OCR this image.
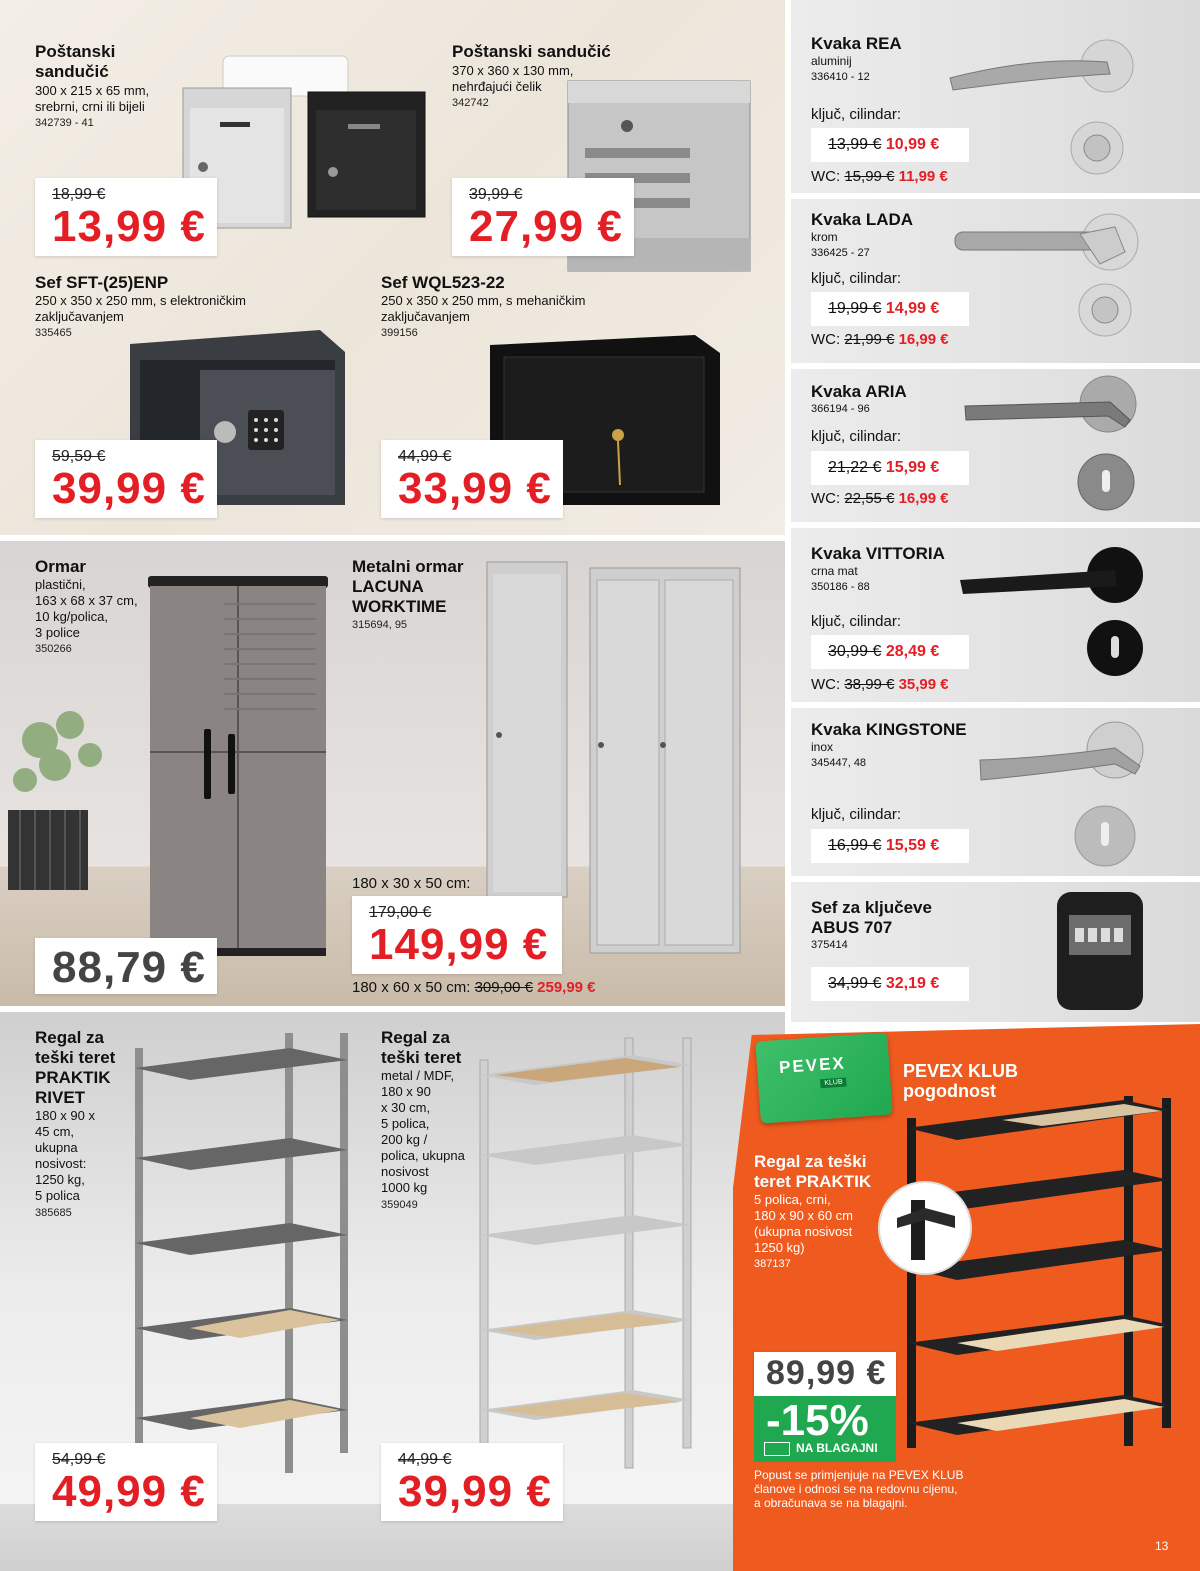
Poštanski
sandučić
300 x 215 x 65 mm,
srebrni, crni ili bijeli
342739 - 41
18,99 €
13,99 €
Poštanski sandučić
370 x 360 x 130 mm,
nehrđajući čelik
342742
39,99 €
27,99 €
Sef SFT-(25)ENP
250 x 350 x 250 mm, s elektroničkim
zaključavanjem
335465
59,59 €
39,99 €
Sef WQL523-22
250 x 350 x 250 mm, s mehaničkim
zaključavanjem
399156
44,99 €
33,99 €
Ormar
plastični,
163 x 68 x 37 cm,
10 kg/polica,
3 police
350266
88,79 €
Metalni ormar
LACUNA
WORKTIME
315694, 95
180 x 30 x 50 cm:
179,00 €
149,99 €
180 x 60 x 50 cm: 309,00 € 259,99 €
Regal za
teški teret
PRAKTIK
RIVET
180 x 90 x
45 cm,
ukupna
nosivost:
1250 kg,
5 polica
385685
54,99 €
49,99 €
Regal za
teški teret
metal / MDF,
180 x 90
x 30 cm,
5 polica,
200 kg /
polica, ukupna
nosivost
1000 kg
359049
44,99 €
39,99 €
Kvaka REA
aluminij
336410 - 12
ključ, cilindar:
13,99 € 10,99 €
WC: 15,99 € 11,99 €
Kvaka LADA
krom
336425 - 27
ključ, cilindar:
19,99 € 14,99 €
WC: 21,99 € 16,99 €
Kvaka ARIA
366194 - 96
ključ, cilindar:
21,22 € 15,99 €
WC: 22,55 € 16,99 €
Kvaka VITTORIA
crna mat
350186 - 88
ključ, cilindar:
30,99 € 28,49 €
WC: 38,99 € 35,99 €
Kvaka KINGSTONE
inox
345447, 48
ključ, cilindar:
16,99 € 15,59 €
Sef za ključeve
ABUS 707
375414
34,99 € 32,19 €
PEVEX
KLUB
PEVEX KLUB
pogodnost
Regal za teški
teret PRAKTIK
5 polica, crni,
180 x 90 x 60 cm
(ukupna nosivost
1250 kg)
387137
89,99 €
-15%
NA BLAGAJNI
Popust se primjenjuje na PEVEX KLUB
članove i odnosi se na redovnu cijenu,
a obračunava se na blagajni.
13
